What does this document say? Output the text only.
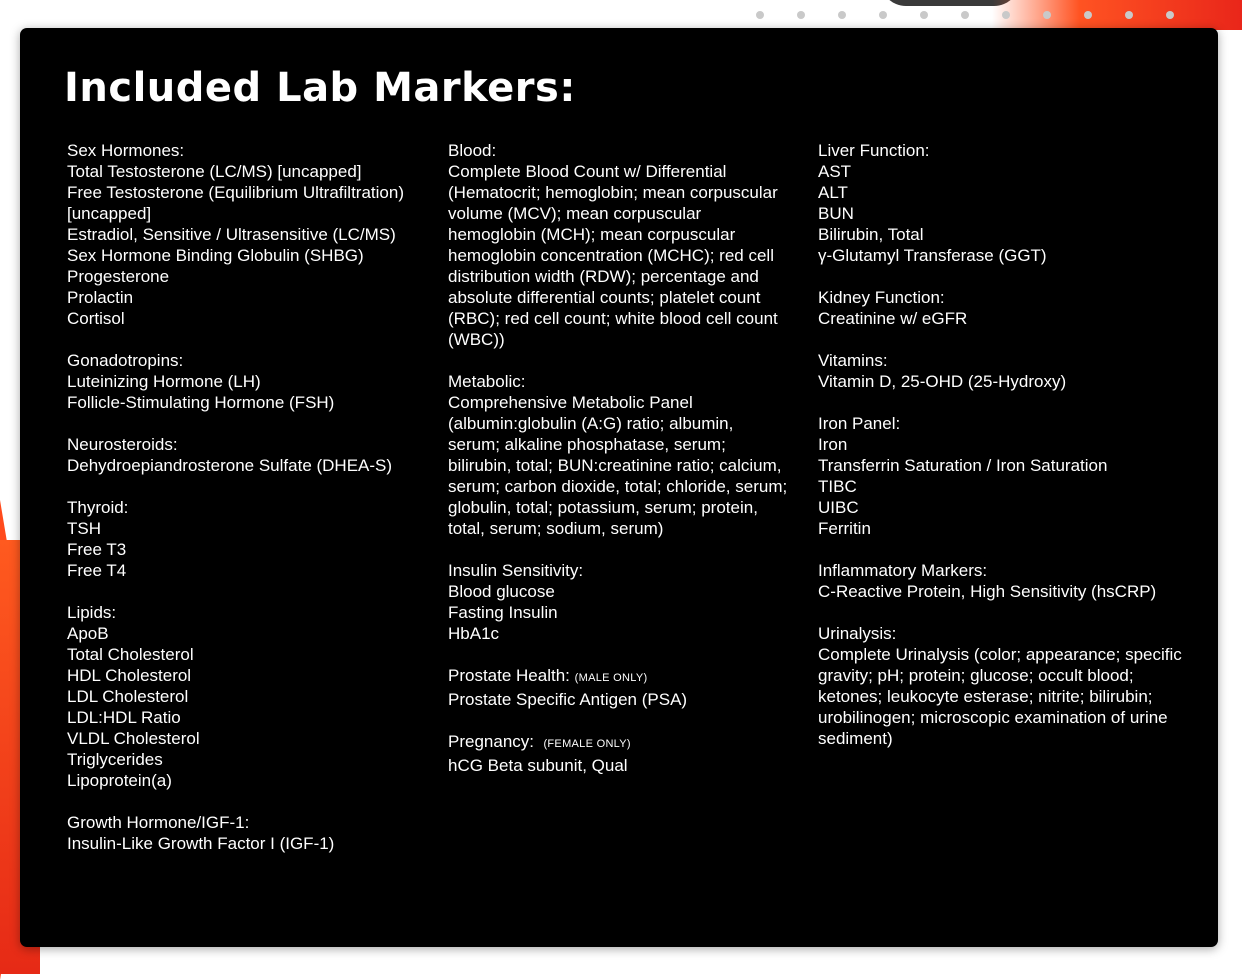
Included Lab Markers:
Sex Hormones:
Total Testosterone (LC/MS) [uncapped]
Free Testosterone (Equilibrium Ultrafiltration) [uncapped]
Estradiol, Sensitive / Ultrasensitive (LC/MS)
Sex Hormone Binding Globulin (SHBG)
Progesterone
Prolactin
Cortisol
Gonadotropins:
Luteinizing Hormone (LH)
Follicle-Stimulating Hormone (FSH)
Neurosteroids:
Dehydroepiandrosterone Sulfate (DHEA-S)
Thyroid:
TSH
Free T3
Free T4
Lipids:
ApoB
Total Cholesterol
HDL Cholesterol
LDL Cholesterol
LDL:HDL Ratio
VLDL Cholesterol
Triglycerides
Lipoprotein(a)
Growth Hormone/IGF-1:
Insulin-Like Growth Factor I (IGF-1)
Blood:
Complete Blood Count w/ Differential (Hematocrit; hemoglobin; mean corpuscular volume (MCV); mean corpuscular hemoglobin (MCH); mean corpuscular hemoglobin concentration (MCHC); red cell distribution width (RDW); percentage and absolute differential counts; platelet count (RBC); red cell count; white blood cell count (WBC))
Metabolic:
Comprehensive Metabolic Panel (albumin:globulin (A:G) ratio; albumin, serum; alkaline phosphatase, serum; bilirubin, total; BUN:creatinine ratio; calcium, serum; carbon dioxide, total; chloride, serum; globulin, total; potassium, serum; protein, total, serum; sodium, serum)
Insulin Sensitivity:
Blood glucose
Fasting Insulin
HbA1c
Prostate Health: (MALE ONLY)
Prostate Specific Antigen (PSA)
Pregnancy: (FEMALE ONLY)
hCG Beta subunit, Qual
Liver Function:
AST
ALT
BUN
Bilirubin, Total
γ-Glutamyl Transferase (GGT)
Kidney Function:
Creatinine w/ eGFR
Vitamins:
Vitamin D, 25-OHD (25-Hydroxy)
Iron Panel:
Iron
Transferrin Saturation / Iron Saturation
TIBC
UIBC
Ferritin
Inflammatory Markers:
C-Reactive Protein, High Sensitivity (hsCRP)
Urinalysis:
Complete Urinalysis (color; appearance; specific gravity; pH; protein; glucose; occult blood; ketones; leukocyte esterase; nitrite; bilirubin; urobilinogen; microscopic examination of urine sediment)
